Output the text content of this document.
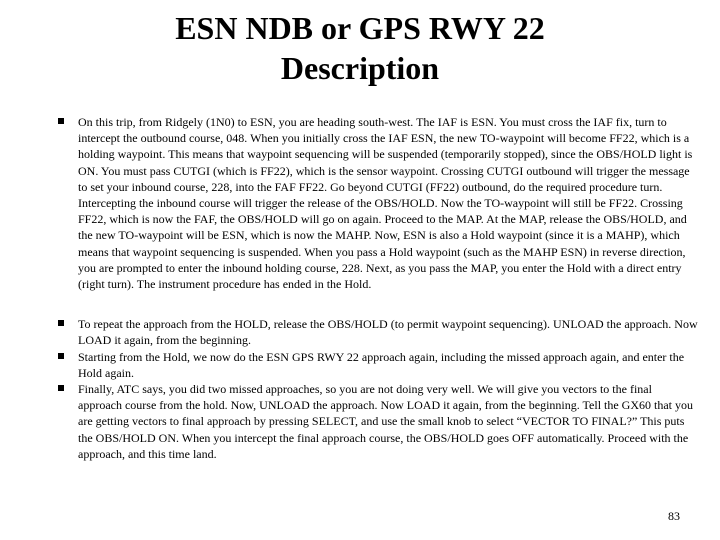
ESN NDB or GPS RWY 22
Description
On this trip, from Ridgely (1N0) to ESN, you are heading south-west. The IAF is ESN. You must cross the IAF fix, turn to intercept the outbound course, 048. When you initially cross the IAF ESN, the new TO-waypoint will become FF22, which is a holding waypoint. This means that waypoint sequencing will be suspended (temporarily stopped), since the OBS/HOLD light is ON. You must pass CUTGI (which is FF22), which is the sensor waypoint. Crossing CUTGI outbound will trigger the message to set your inbound course, 228, into the FAF FF22. Go beyond CUTGI (FF22) outbound, do the required procedure turn. Intercepting the inbound course will trigger the release of the OBS/HOLD. Now the TO-waypoint will still be FF22. Crossing FF22, which is now the FAF, the OBS/HOLD will go on again. Proceed to the MAP. At the MAP, release the OBS/HOLD, and the new TO-waypoint will be ESN, which is now the MAHP. Now, ESN is also a Hold waypoint (since it is a MAHP), which means that waypoint sequencing is suspended. When you pass a Hold waypoint (such as the MAHP ESN) in reverse direction, you are prompted to enter the inbound holding course, 228. Next, as you pass the MAP, you enter the Hold with a direct entry (right turn). The instrument procedure has ended in the Hold.
To repeat the approach from the HOLD, release the OBS/HOLD (to permit waypoint sequencing). UNLOAD the approach. Now LOAD it again, from the beginning.
Starting from the Hold, we now do the ESN GPS RWY 22 approach again, including the missed approach again, and enter the Hold again.
Finally, ATC says, you did two missed approaches, so you are not doing very well. We will give you vectors to the final approach course from the hold. Now, UNLOAD the approach. Now LOAD it again, from the beginning. Tell the GX60 that you are getting vectors to final approach by pressing SELECT, and use the small knob to select “VECTOR TO FINAL?” This puts the OBS/HOLD ON. When you intercept the final approach course, the OBS/HOLD goes OFF automatically. Proceed with the approach, and this time land.
83
